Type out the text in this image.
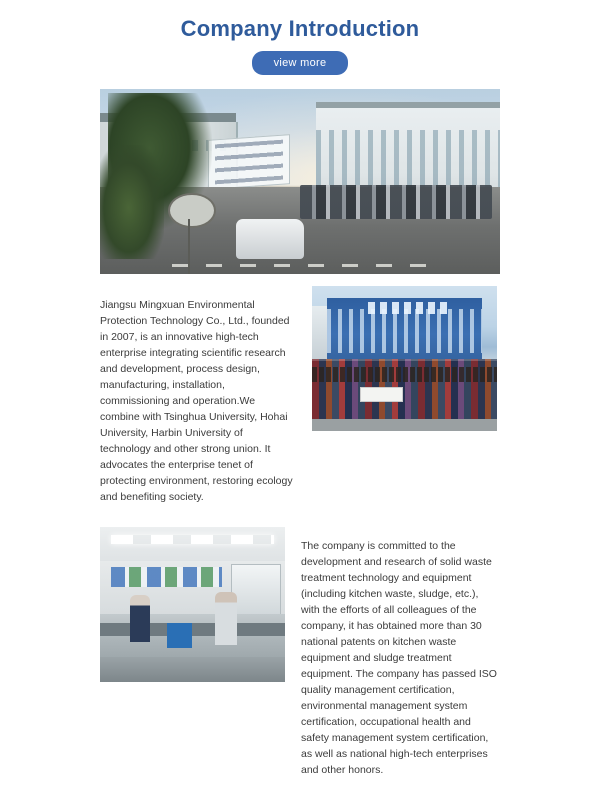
Company Introduction
view more

Jiangsu Mingxuan Environmental Protection Technology Co., Ltd., founded in 2007, is an innovative high-tech enterprise integrating scientific research and development, process design, manufacturing, installation, commissioning and operation.We combine with Tsinghua University, Hohai University, Harbin University of technology and other strong union. It advocates the enterprise tenet of protecting environment, restoring ecology and benefiting society.

The company is committed to the development and research of solid waste treatment technology and equipment (including kitchen waste, sludge, etc.), with the efforts of all colleagues of the company, it has obtained more than 30 national patents on kitchen waste equipment and sludge treatment equipment. The company has passed ISO quality management certification, environmental management system certification, occupational health and safety management system certification, as well as national high-tech enterprises and other honors.
